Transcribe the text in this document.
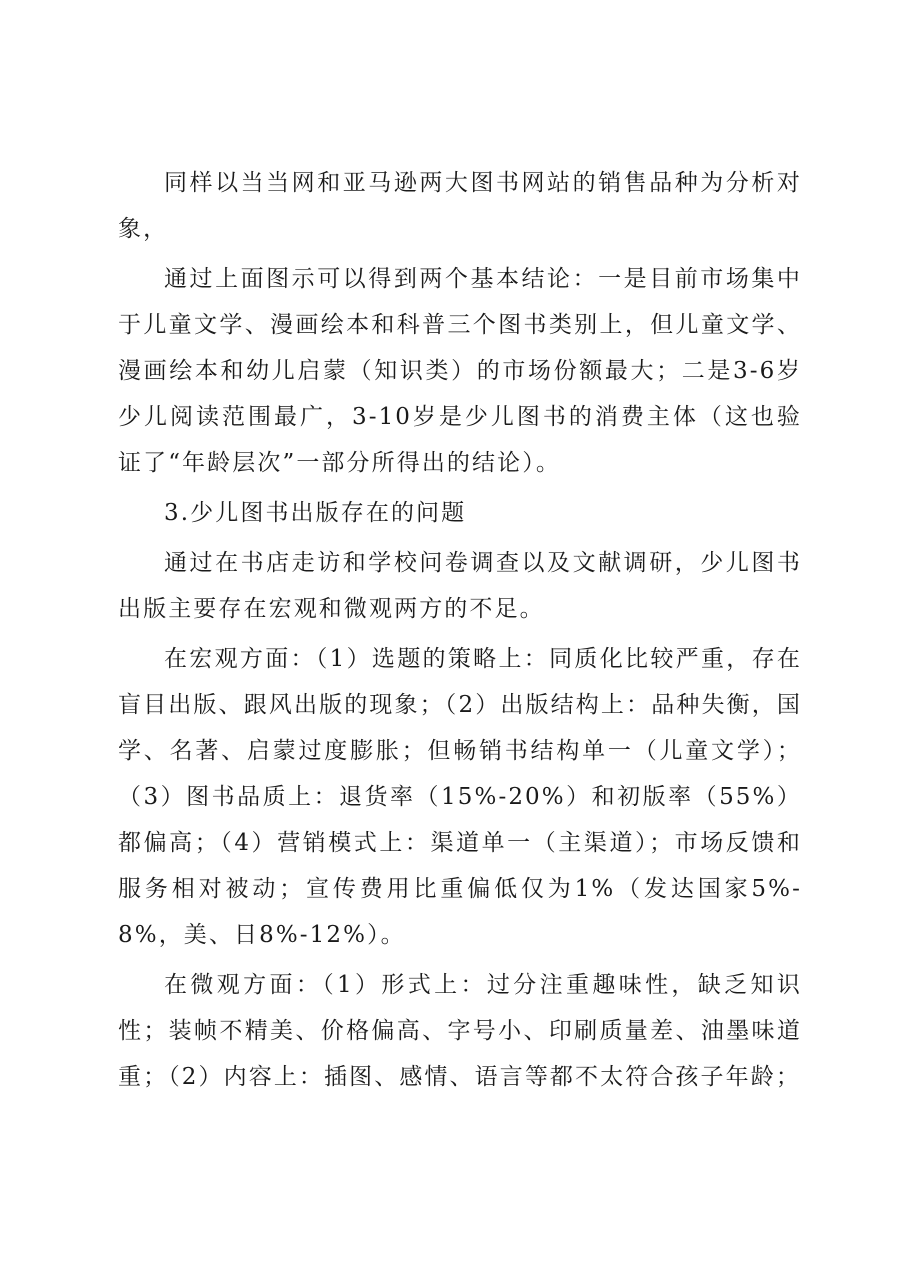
同样以当当网和亚马逊两大图书网站的销售品种为分析对象，

通过上面图示可以得到两个基本结论：一是目前市场集中于儿童文学、漫画绘本和科普三个图书类别上，但儿童文学、漫画绘本和幼儿启蒙（知识类）的市场份额最大；二是3-6岁少儿阅读范围最广，3-10岁是少儿图书的消费主体（这也验证了“年龄层次”一部分所得出的结论）。

3.少儿图书出版存在的问题

通过在书店走访和学校问卷调查以及文献调研，少儿图书出版主要存在宏观和微观两方的不足。

在宏观方面：（1）选题的策略上：同质化比较严重，存在盲目出版、跟风出版的现象；（2）出版结构上：品种失衡，国学、名著、启蒙过度膨胀；但畅销书结构单一（儿童文学）；（3）图书品质上：退货率（15%-20%）和初版率（55%）都偏高；（4）营销模式上：渠道单一（主渠道）；市场反馈和服务相对被动；宣传费用比重偏低仅为1%（发达国家5%-8%，美、日8%-12%）。

在微观方面：（1）形式上：过分注重趣味性，缺乏知识性；装帧不精美、价格偏高、字号小、印刷质量差、油墨味道重；（2）内容上：插图、感情、语言等都不太符合孩子年龄；
